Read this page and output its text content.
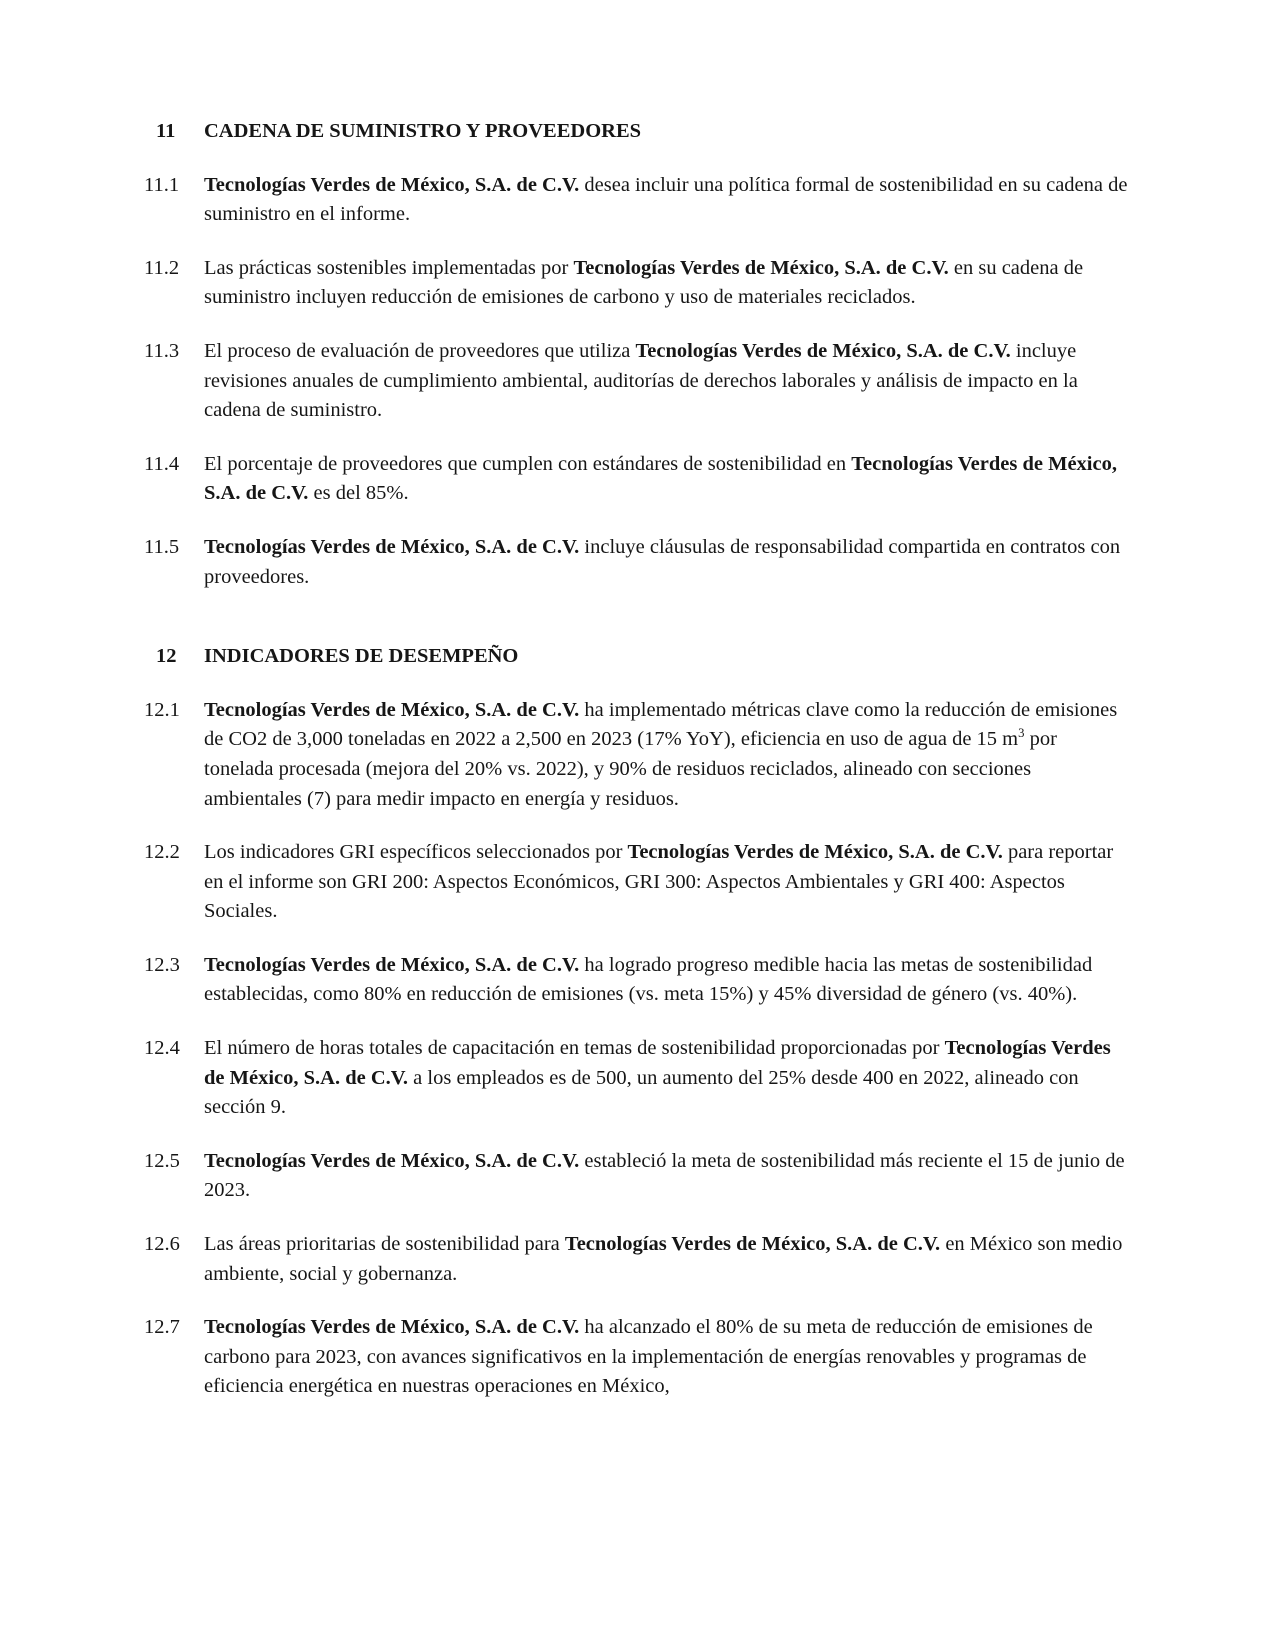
11	CADENA DE SUMINISTRO Y PROVEEDORES
11.1	Tecnologías Verdes de México, S.A. de C.V. desea incluir una política formal de sostenibilidad en su cadena de suministro en el informe.

11.2	Las prácticas sostenibles implementadas por Tecnologías Verdes de México, S.A. de C.V. en su cadena de suministro incluyen reducción de emisiones de carbono y uso de materiales reciclados.

11.3	El proceso de evaluación de proveedores que utiliza Tecnologías Verdes de México, S.A. de C.V. incluye revisiones anuales de cumplimiento ambiental, auditorías de derechos laborales y análisis de impacto en la cadena de suministro.

11.4	El porcentaje de proveedores que cumplen con estándares de sostenibilidad en Tecnologías Verdes de México, S.A. de C.V. es del 85%.

11.5	Tecnologías Verdes de México, S.A. de C.V. incluye cláusulas de responsabilidad compartida en contratos con proveedores.

12	INDICADORES DE DESEMPEÑO
12.1	Tecnologías Verdes de México, S.A. de C.V. ha implementado métricas clave como la reducción de emisiones de CO2 de 3,000 toneladas en 2022 a 2,500 en 2023 (17% YoY), eficiencia en uso de agua de 15 $m^3$ por tonelada procesada (mejora del 20% vs. 2022), y 90% de residuos reciclados, alineado con secciones ambientales (7) para medir impacto en energía y residuos.

12.2	Los indicadores GRI específicos seleccionados por Tecnologías Verdes de México, S.A. de C.V. para reportar en el informe son GRI 200: Aspectos Económicos, GRI 300: Aspectos Ambientales y GRI 400: Aspectos Sociales.

12.3	Tecnologías Verdes de México, S.A. de C.V. ha logrado progreso medible hacia las metas de sostenibilidad establecidas, como 80% en reducción de emisiones (vs. meta 15%) y 45% diversidad de género (vs. 40%).

12.4	El número de horas totales de capacitación en temas de sostenibilidad proporcionadas por Tecnologías Verdes de México, S.A. de C.V. a los empleados es de 500, un aumento del 25% desde 400 en 2022, alineado con sección 9.

12.5	Tecnologías Verdes de México, S.A. de C.V. estableció la meta de sostenibilidad más reciente el 15 de junio de 2023.

12.6	Las áreas prioritarias de sostenibilidad para Tecnologías Verdes de México, S.A. de C.V. en México son medio ambiente, social y gobernanza.

12.7	Tecnologías Verdes de México, S.A. de C.V. ha alcanzado el 80% de su meta de reducción de emisiones de carbono para 2023, con avances significativos en la implementación de energías renovables y programas de eficiencia energética en nuestras operaciones en México,
